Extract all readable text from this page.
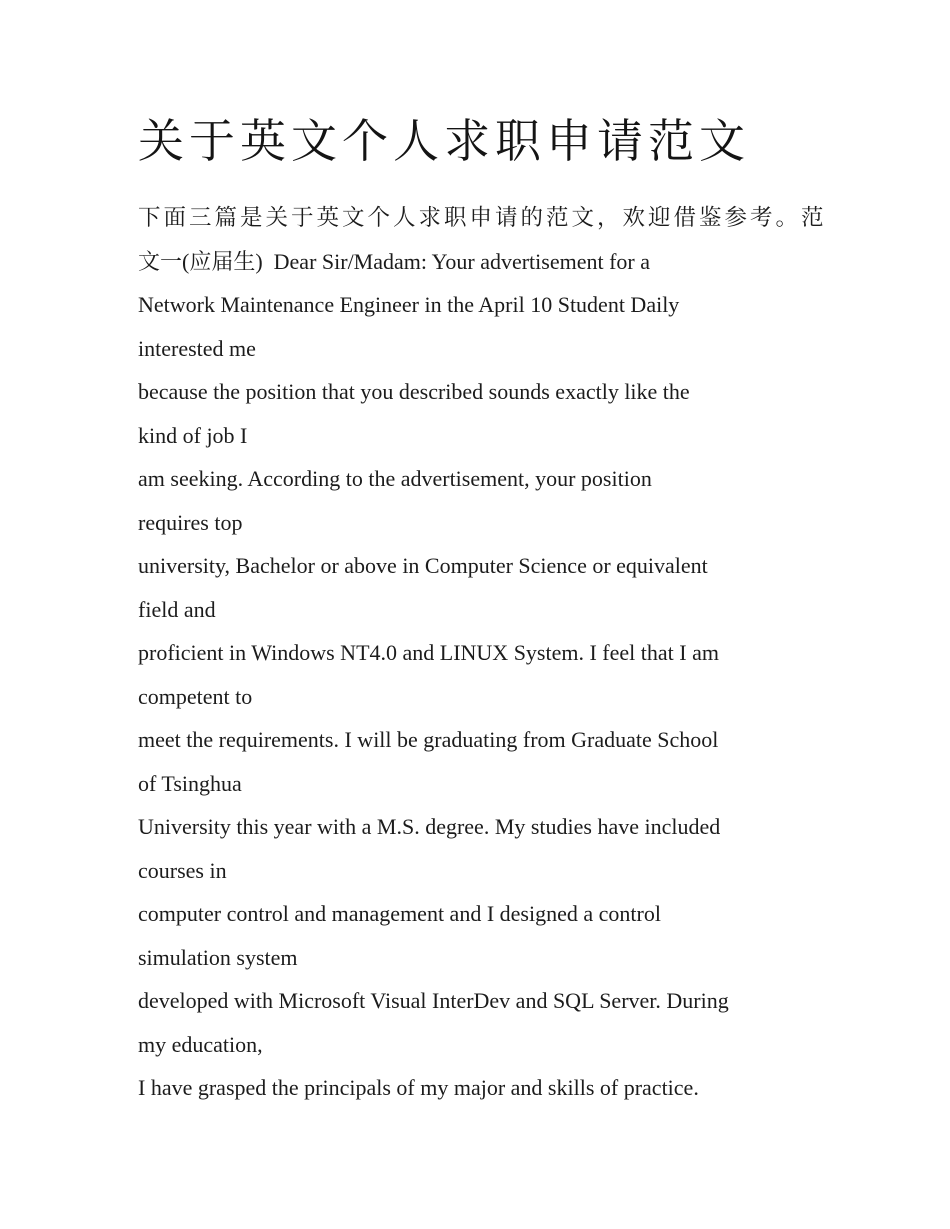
关于英文个人求职申请范文

下面三篇是关于英文个人求职申请的范文，欢迎借鉴参考。范

文一(应届生)  Dear Sir/Madam: Your advertisement for a

Network Maintenance Engineer in the April 10 Student Daily

interested me

because the position that you described sounds exactly like the

kind of job I

am seeking. According to the advertisement, your position

requires top

university, Bachelor or above in Computer Science or equivalent

field and

proficient in Windows NT4.0 and LINUX System. I feel that I am

competent to

meet the requirements. I will be graduating from Graduate School

of Tsinghua

University this year with a M.S. degree. My studies have included

courses in

computer control and management and I designed a control

simulation system

developed with Microsoft Visual InterDev and SQL Server. During

my education,

I have grasped the principals of my major and skills of practice.
